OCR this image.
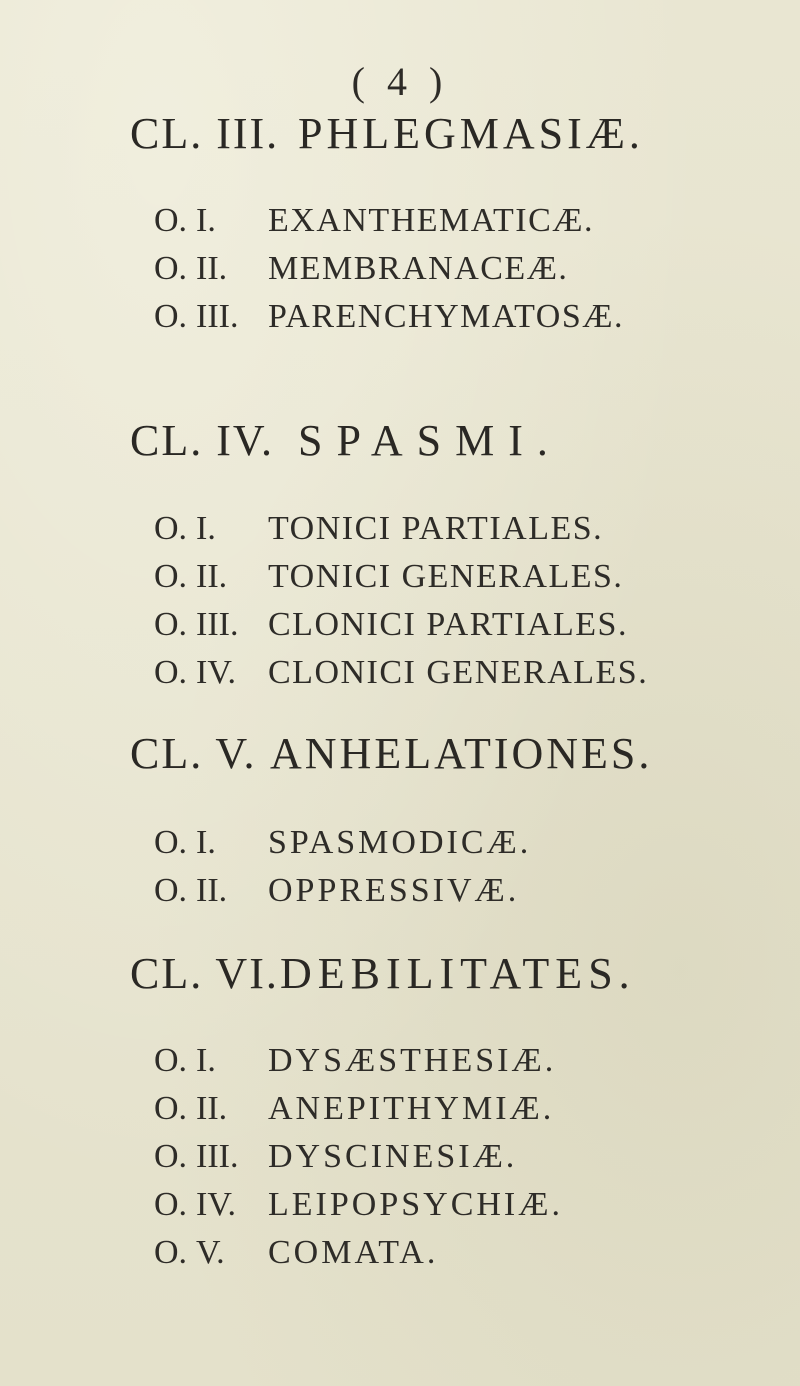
( 4 )
CL. III. PHLEGMASIÆ.
O. I. EXANTHEMATICÆ.
O. II. MEMBRANACEÆ.
O. III. PARENCHYMATOSÆ.
CL. IV. SPASMI.
O. I. TONICI PARTIALES.
O. II. TONICI GENERALES.
O. III. CLONICI PARTIALES.
O. IV. CLONICI GENERALES.
CL. V. ANHELATIONES.
O. I. SPASMODICÆ.
O. II. OPPRESSIVÆ.
CL. VI.DEBILITATES.
O. I. DYSÆSTHESIÆ.
O. II. ANEPITHYMIÆ.
O. III. DYSCINESIÆ.
O. IV. LEIPOPSYCHIÆ.
O. V. COMATA.
